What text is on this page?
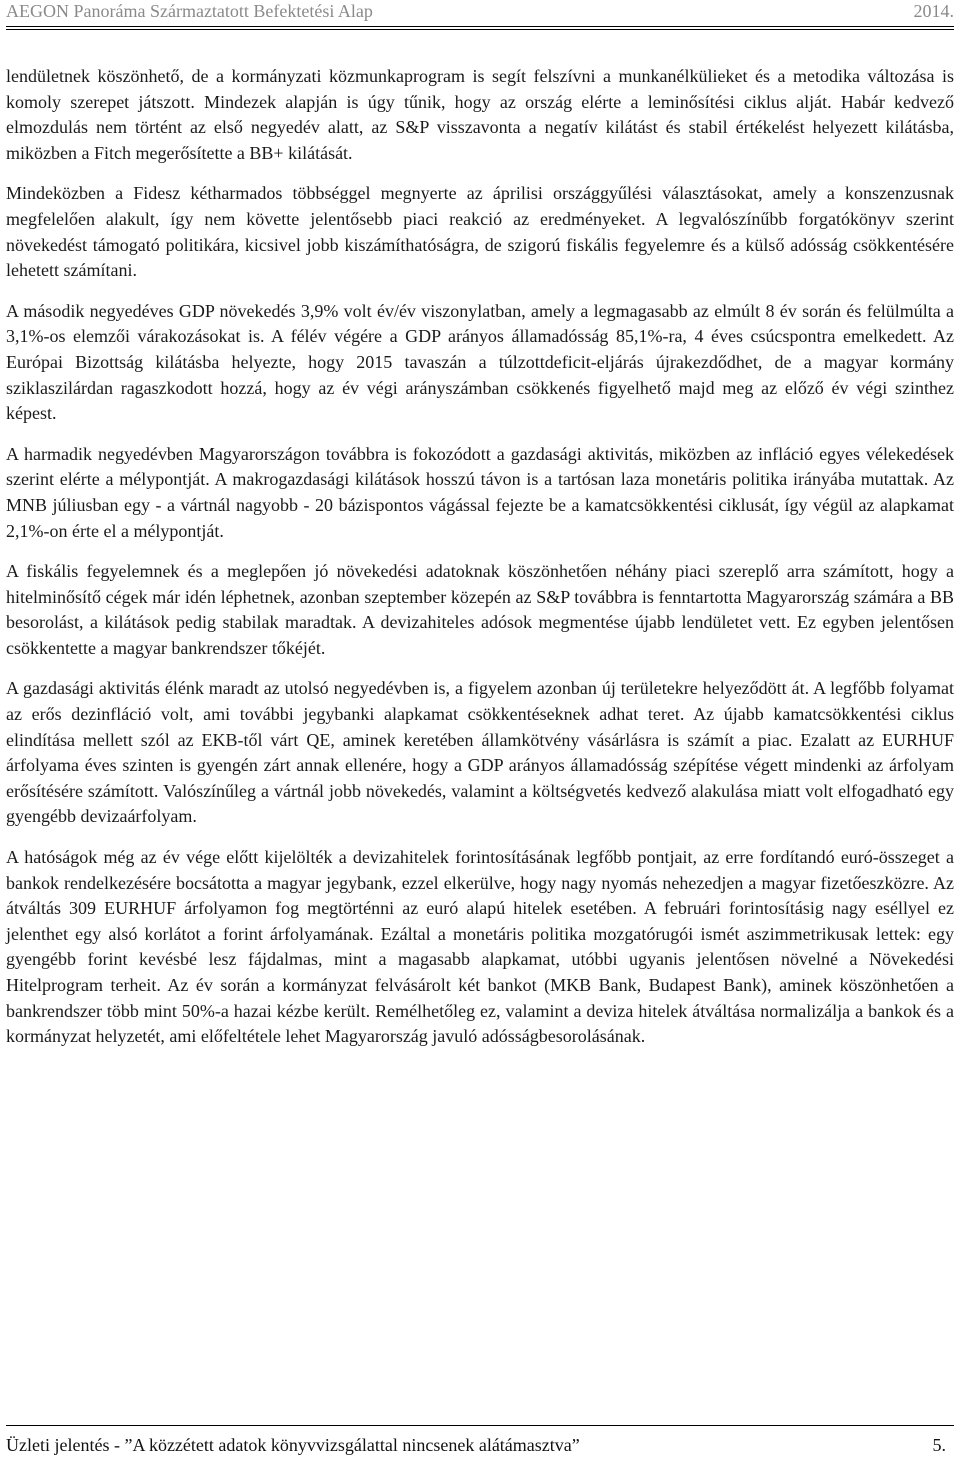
AEGON Panoráma Származtatott Befektetési Alap	2014.

lendületnek köszönhető, de a kormányzati közmunkaprogram is segít felszívni a munkanélkülieket és a metodika változása is komoly szerepet játszott. Mindezek alapján is úgy tűnik, hogy az ország elérte a leminősítési ciklus alját. Habár kedvező elmozdulás nem történt az első negyedév alatt, az S&P visszavonta a negatív kilátást és stabil értékelést helyezett kilátásba, miközben a Fitch megerősítette a BB+ kilátását.

Mindeközben a Fidesz kétharmados többséggel megnyerte az áprilisi országgyűlési választásokat, amely a konszenzusnak megfelelően alakult, így nem követte jelentősebb piaci reakció az eredményeket. A legvalószínűbb forgatókönyv szerint növekedést támogató politikára, kicsivel jobb kiszámíthatóságra, de szigorú fiskális fegyelemre és a külső adósság csökkentésére lehetett számítani.

A második negyedéves GDP növekedés 3,9% volt év/év viszonylatban, amely a legmagasabb az elmúlt 8 év során és felülmúlta a 3,1%-os elemzői várakozásokat is. A félév végére a GDP arányos államadósság 85,1%-ra, 4 éves csúcspontra emelkedett. Az Európai Bizottság kilátásba helyezte, hogy 2015 tavaszán a túlzottdeficit-eljárás újrakezdődhet, de a magyar kormány sziklaszilárdan ragaszkodott hozzá, hogy az év végi arányszámban csökkenés figyelhető majd meg az előző év végi szinthez képest.

A harmadik negyedévben Magyarországon továbbra is fokozódott a gazdasági aktivitás, miközben az infláció egyes vélekedések szerint elérte a mélypontját. A makrogazdasági kilátások hosszú távon is a tartósan laza monetáris politika irányába mutattak. Az MNB júliusban egy - a vártnál nagyobb - 20 bázispontos vágással fejezte be a kamatcsökkentési ciklusát, így végül az alapkamat 2,1%-on érte el a mélypontját.

A fiskális fegyelemnek és a meglepően jó növekedési adatoknak köszönhetően néhány piaci szereplő arra számított, hogy a hitelminősítő cégek már idén léphetnek, azonban szeptember közepén az S&P továbbra is fenntartotta Magyarország számára a BB besorolást, a kilátások pedig stabilak maradtak. A devizahiteles adósok megmentése újabb lendületet vett. Ez egyben jelentősen csökkentette a magyar bankrendszer tőkéjét.

A gazdasági aktivitás élénk maradt az utolsó negyedévben is, a figyelem azonban új területekre helyeződött át. A legfőbb folyamat az erős dezinfláció volt, ami további jegybanki alapkamat csökkentéseknek adhat teret. Az újabb kamatcsökkentési ciklus elindítása mellett szól az EKB-től várt QE, aminek keretében államkötvény vásárlásra is számít a piac. Ezalatt az EURHUF árfolyama éves szinten is gyengén zárt annak ellenére, hogy a GDP arányos államadósság szépítése végett mindenki az árfolyam erősítésére számított. Valószínűleg a vártnál jobb növekedés, valamint a költségvetés kedvező alakulása miatt volt elfogadható egy gyengébb devizaárfolyam.

A hatóságok még az év vége előtt kijelölték a devizahitelek forintosításának legfőbb pontjait, az erre fordítandó euró-összeget a bankok rendelkezésére bocsátotta a magyar jegybank, ezzel elkerülve, hogy nagy nyomás nehezedjen a magyar fizetőeszközre. Az átváltás 309 EURHUF árfolyamon fog megtörténni az euró alapú hitelek esetében. A februári forintosításig nagy eséllyel ez jelenthet egy alsó korlátot a forint árfolyamának. Ezáltal a monetáris politika mozgatórugói ismét aszimmetrikusak lettek: egy gyengébb forint kevésbé lesz fájdalmas, mint a magasabb alapkamat, utóbbi ugyanis jelentősen növelné a Növekedési Hitelprogram terheit. Az év során a kormányzat felvásárolt két bankot (MKB Bank, Budapest Bank), aminek köszönhetően a bankrendszer több mint 50%-a hazai kézbe került. Remélhetőleg ez, valamint a deviza hitelek átváltása normalizálja a bankok és a kormányzat helyzetét, ami előfeltétele lehet Magyarország javuló adósságbesorolásának.

Üzleti jelentés - ”A közzétett adatok könyvvizsgálattal nincsenek alátámasztva”	5.
